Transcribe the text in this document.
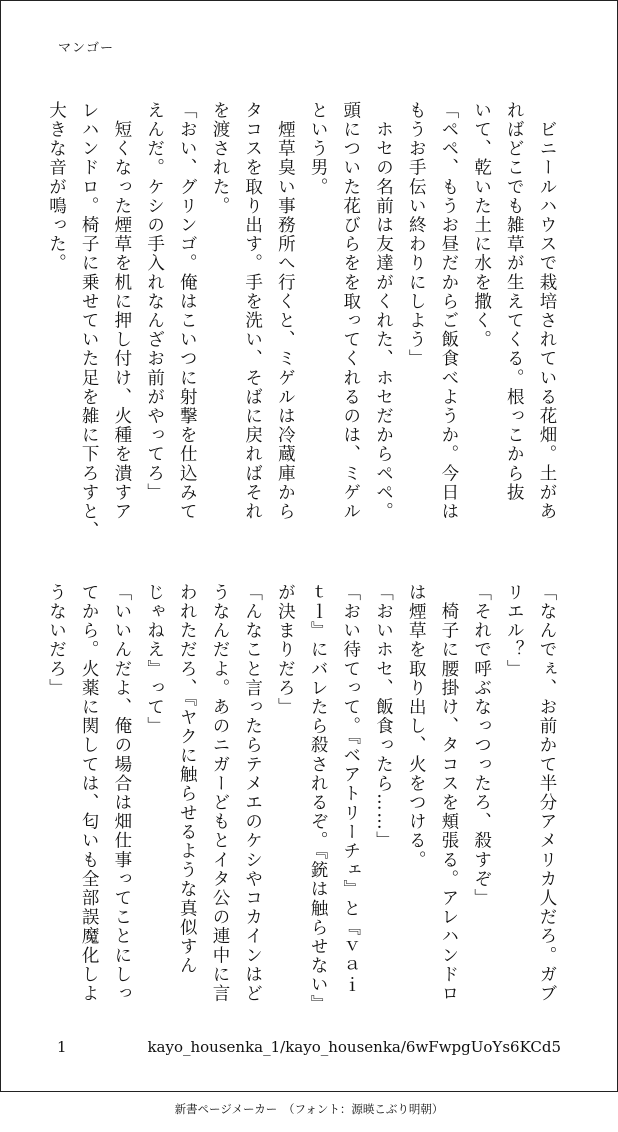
マンゴー

　ビニールハウスで栽培されている花畑。土があ

ればどこでも雑草が生えてくる。根っこから抜

いて、乾いた土に水を撒く。

「ペペ、もうお昼だからご飯食べようか。今日は

もうお手伝い終わりにしよう」

　ホセの名前は友達がくれた、ホセだからペペ。

頭についた花びらをを取ってくれるのは、ミゲル

という男。

　煙草臭い事務所へ行くと、ミゲルは冷蔵庫から

タコスを取り出す。手を洗い、そばに戻ればそれ

を渡された。

「おい、グリンゴ。俺はこいつに射撃を仕込みて

えんだ。ケシの手入れなんざお前がやってろ」

　短くなった煙草を机に押し付け、火種を潰すア

レハンドロ。椅子に乗せていた足を雑に下ろすと、

大きな音が鳴った。

「なんでぇ、お前かて半分アメリカ人だろ。ガブ

リエル？」

「それで呼ぶなっつったろ、殺すぞ」

　椅子に腰掛け、タコスを頬張る。アレハンドロ

は煙草を取り出し、火をつける。

「おいホセ、飯食ったら……」

「おい待てって。『ベアトリーチェ』と『ｖａｉ

ｔｌ』にバレたら殺されるぞ。『銃は触らせない』

が決まりだろ」

「んなこと言ったらテメエのケシやコカインはど

うなんだよ。あのニガーどもとイタ公の連中に言

われただろ、『ヤクに触らせるような真似すん

じゃねえ』って」

「いいんだよ、俺の場合は畑仕事ってことにしっ

てから。火薬に関しては、匂いも全部誤魔化しよ

うないだろ」

1	kayo_housenka_1/kayo_housenka/6wFwpgUoYs6KCd5
新書ページメーカー　（フォント：源暎こぶり明朝）
